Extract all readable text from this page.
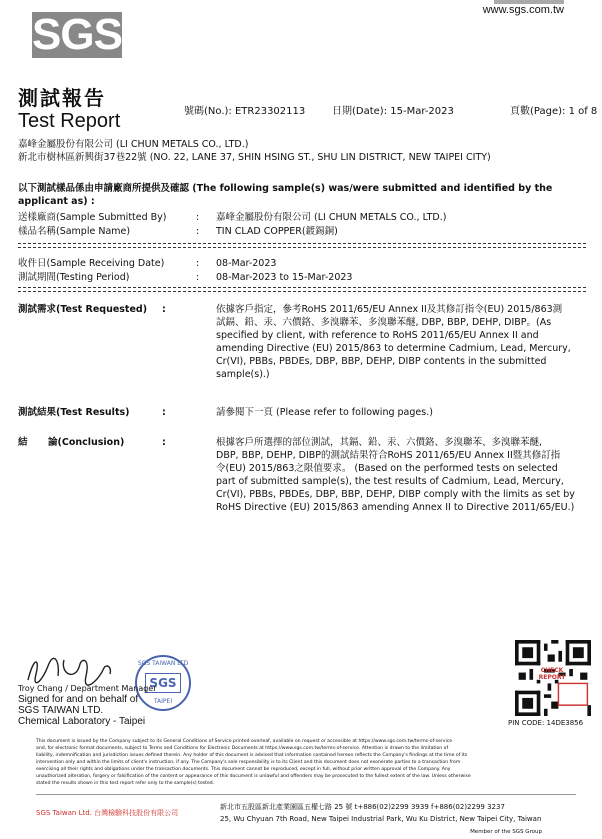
www.sgs.com.tw
SGS
測試報告
Test Report	號碼(No.): ETR23302113	日期(Date): 15-Mar-2023	頁數(Page): 1 of 8
嘉峰金屬股份有限公司 (LI CHUN METALS CO., LTD.)
新北市樹林區新興街37巷22號 (NO. 22, LANE 37, SHIN HSING ST., SHU LIN DISTRICT, NEW TAIPEI CITY)
以下測試樣品係由申請廠商所提供及確認 (The following sample(s) was/were submitted and identified by the
applicant as) :
送樣廠商(Sample Submitted By)	: 嘉峰金屬股份有限公司 (LI CHUN METALS CO., LTD.)
樣品名稱(Sample Name)	: TIN CLAD COPPER(鍍錫銅)
收件日(Sample Receiving Date)	: 08-Mar-2023
測試期間(Testing Period)	: 08-Mar-2023 to 15-Mar-2023
測試需求(Test Requested) :	依據客戶指定，參考RoHS 2011/65/EU Annex II及其修訂指令(EU) 2015/863測
試鎘、鉛、汞、六價鉻、多溴聯苯、多溴聯苯醚, DBP, BBP, DEHP, DIBP。(As
specified by client, with reference to RoHS 2011/65/EU Annex II and
amending Directive (EU) 2015/863 to determine Cadmium, Lead, Mercury,
Cr(VI), PBBs, PBDEs, DBP, BBP, DEHP, DIBP contents in the submitted
sample(s).)
測試結果(Test Results)	:	請參閱下一頁 (Please refer to following pages.)
結 論(Conclusion)	:	根據客戶所選擇的部位測試，其鎘、鉛、汞、六價鉻、多溴聯苯、多溴聯苯醚,
DBP, BBP, DEHP, DIBP的測試結果符合RoHS 2011/65/EU Annex II暨其修訂指
令(EU) 2015/863之限值要求。 (Based on the performed tests on selected
part of submitted sample(s), the test results of Cadmium, Lead, Mercury,
Cr(VI), PBBs, PBDEs, DBP, BBP, DEHP, DIBP comply with the limits as set by
RoHS Directive (EU) 2015/863 amending Annex II to Directive 2011/65/EU.)
SGS TAIWAN LTD
SGS
TAIPEI
Troy Chang / Department Manager
Signed for and on behalf of
SGS TAIWAN LTD.
Chemical Laboratory - Taipei
CHECK REPORT
PIN CODE: 14DE3856
This document is issued by the Company subject to its General Conditions of Service printed overleaf, available on request or accessible at https://www.sgs.com.tw/terms-of-service
and, for electronic format documents, subject to Terms and Conditions for Electronic Documents at https://www.sgs.com.tw/terms-of-service. Attention is drawn to the limitation of
liability, indemnification and jurisdiction issues defined therein. Any holder of this document is advised that information contained hereon reflects the Company's findings at the time of its
intervention only and within the limits of client's instruction, if any. The Company's sole responsibility is to its Client and this document does not exonerate parties to a transaction from
exercising all their rights and obligations under the transaction documents. This document cannot be reproduced, except in full, without prior written approval of the Company. Any
unauthorized alteration, forgery or falsification of the content or appearance of this document is unlawful and offenders may be prosecuted to the fullest extent of the law. Unless otherwise
stated the results shown in this test report refer only to the sample(s) tested.
SGS Taiwan Ltd. 台灣檢驗科技股份有限公司
新北市五股區新北產業園區五權七路 25 號 t+886(02)2299 3939 f+886(02)2299 3237
25, Wu Chyuan 7th Road, New Taipei Industrial Park, Wu Ku District, New Taipei City, Taiwan
Member of the SGS Group
